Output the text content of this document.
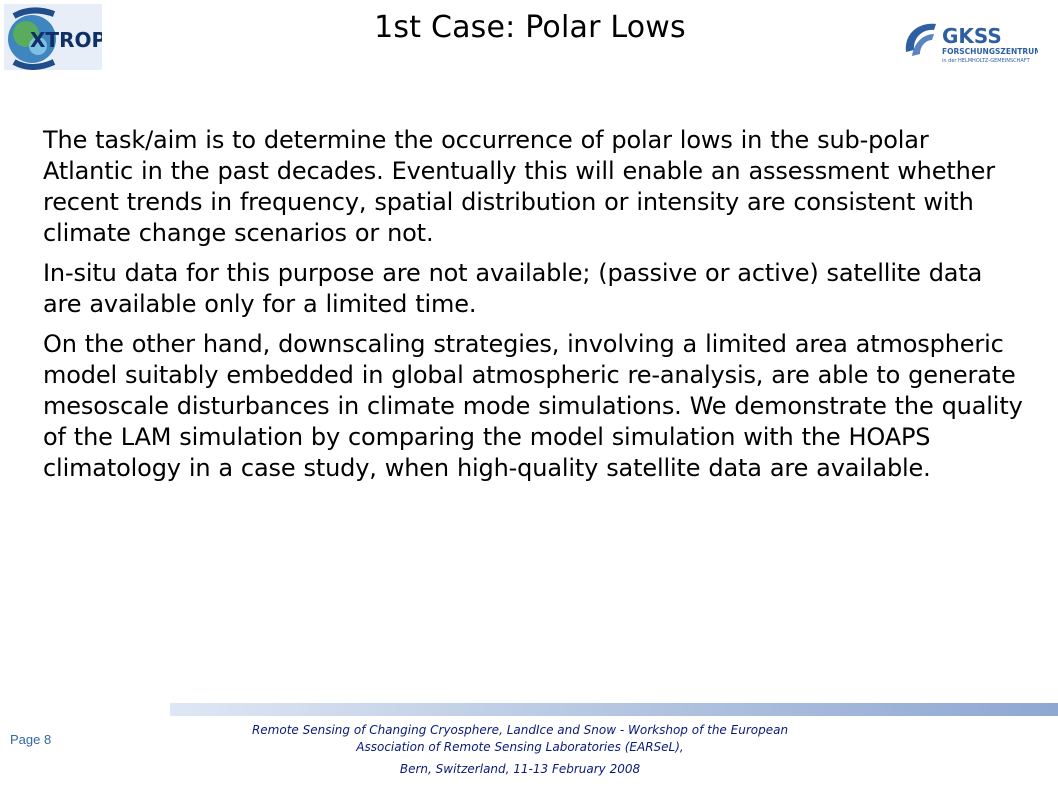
XTROP	1st Case: Polar Lows	GKSS
FORSCHUNGSZENTRUM
in der HELMHOLTZ-GEMEINSCHAFT

The task/aim is to determine the occurrence of polar lows in the sub-polar Atlantic in the past decades. Eventually this will enable an assessment whether recent trends in frequency, spatial distribution or intensity are consistent with climate change scenarios or not.

In-situ data for this purpose are not available; (passive or active) satellite data are available only for a limited time.

On the other hand, downscaling strategies, involving a limited area atmospheric model suitably embedded in global atmospheric re-analysis, are able to generate mesoscale disturbances in climate mode simulations. We demonstrate the quality of the LAM simulation by comparing the model simulation with the HOAPS climatology in a case study, when high-quality satellite data are available.

Page 8
Remote Sensing of Changing Cryosphere, LandIce and Snow - Workshop of the European
Association of Remote Sensing Laboratories (EARSeL),
Bern, Switzerland, 11-13 February 2008
